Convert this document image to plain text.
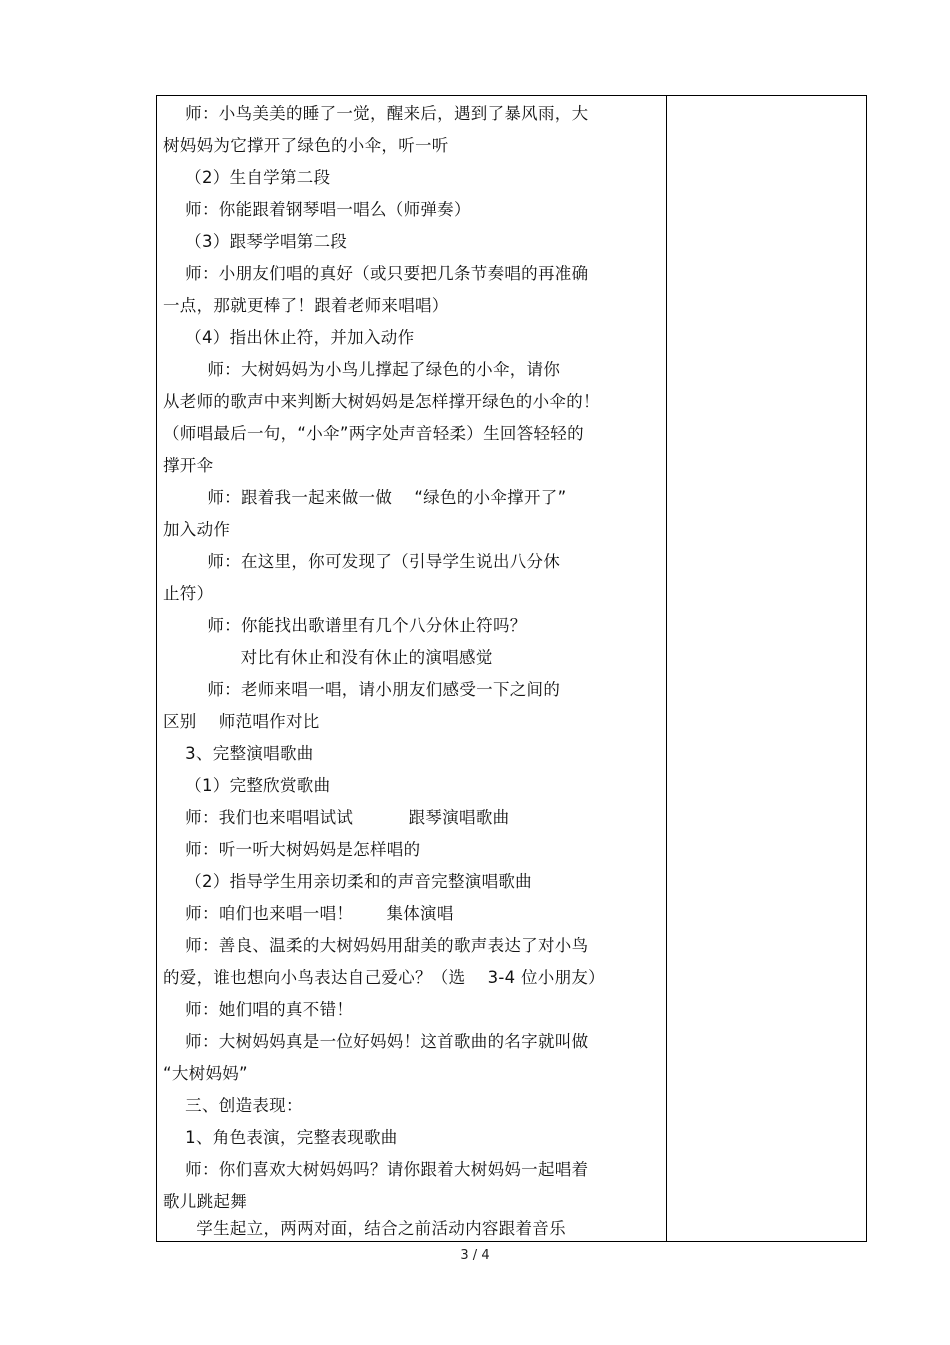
师：小鸟美美的睡了一觉，醒来后，遇到了暴风雨，大
树妈妈为它撑开了绿色的小伞，听一听
（2）生自学第二段
师：你能跟着钢琴唱一唱么（师弹奏）
（3）跟琴学唱第二段
师：小朋友们唱的真好（或只要把几条节奏唱的再准确
一点，那就更棒了！跟着老师来唱唱）
（4）指出休止符，并加入动作
师：大树妈妈为小鸟儿撑起了绿色的小伞，请你
从老师的歌声中来判断大树妈妈是怎样撑开绿色的小伞的！
（师唱最后一句，“小伞”两字处声音轻柔）生回答轻轻的
撑开伞
师：跟着我一起来做一做    “绿色的小伞撑开了”
加入动作
师：在这里，你可发现了（引导学生说出八分休
止符）
师：你能找出歌谱里有几个八分休止符吗？
对比有休止和没有休止的演唱感觉
师：老师来唱一唱，请小朋友们感受一下之间的
区别    师范唱作对比
3、完整演唱歌曲
（1）完整欣赏歌曲
师：我们也来唱唱试试          跟琴演唱歌曲
师：听一听大树妈妈是怎样唱的
（2）指导学生用亲切柔和的声音完整演唱歌曲
师：咱们也来唱一唱！      集体演唱
师：善良、温柔的大树妈妈用甜美的歌声表达了对小鸟
的爱，谁也想向小鸟表达自己爱心？（选    3-4 位小朋友）
师：她们唱的真不错！
师：大树妈妈真是一位好妈妈！这首歌曲的名字就叫做
“大树妈妈”
三、创造表现：
1、角色表演，完整表现歌曲
师：你们喜欢大树妈妈吗？请你跟着大树妈妈一起唱着
歌儿跳起舞
学生起立，两两对面，结合之前活动内容跟着音乐
3 / 4
